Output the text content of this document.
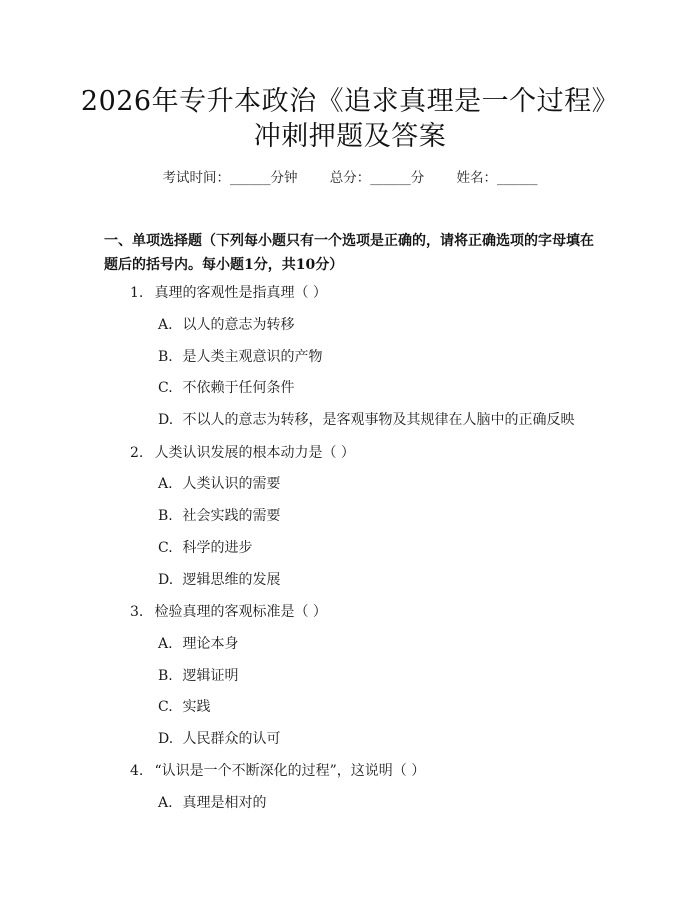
2026年专升本政治《追求真理是一个过程》
冲刺押题及答案
考试时间：______分钟 总分：______分 姓名：______
一、单项选择题（下列每小题只有一个选项是正确的，请将正确选项的字母填在题后的括号内。每小题1分，共10分）
1. 真理的客观性是指真理（ ）
A. 以人的意志为转移
B. 是人类主观意识的产物
C. 不依赖于任何条件
D. 不以人的意志为转移，是客观事物及其规律在人脑中的正确反映
2. 人类认识发展的根本动力是（ ）
A. 人类认识的需要
B. 社会实践的需要
C. 科学的进步
D. 逻辑思维的发展
3. 检验真理的客观标准是（ ）
A. 理论本身
B. 逻辑证明
C. 实践
D. 人民群众的认可
4. “认识是一个不断深化的过程”，这说明（ ）
A. 真理是相对的
